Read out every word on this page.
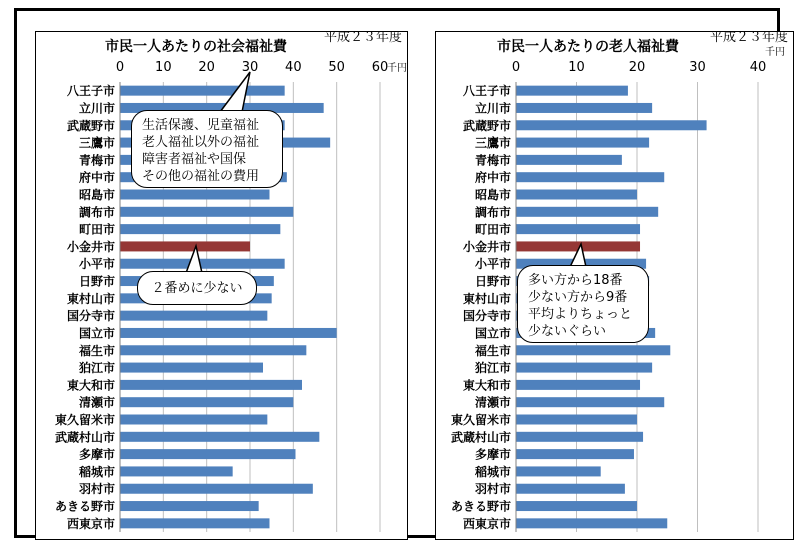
市民一人あたりの社会福祉費
平成２３年度
0 10 20 30 40 50 60
千円
八王子市
立川市
武蔵野市
三鷹市
青梅市
府中市
昭島市
調布市
町田市
小金井市
小平市
日野市
東村山市
国分寺市
国立市
福生市
狛江市
東大和市
清瀬市
東久留米市
武蔵村山市
多摩市
稲城市
羽村市
あきる野市
西東京市
生活保護、児童福祉
老人福祉以外の福祉
障害者福祉や国保
その他の福祉の費用
２番めに少ない
市民一人あたりの老人福祉費
平成２３年度
0	10	20	30	40
千円
八王子市
立川市
武蔵野市
三鷹市
青梅市
府中市
昭島市
調布市
町田市
小金井市
小平市
日野市
東村山市
国分寺市
国立市
福生市
狛江市
東大和市
清瀬市
東久留米市
武蔵村山市
多摩市
稲城市
羽村市
あきる野市
西東京市
多い方から18番
少ない方から9番
平均よりちょっと
少ないぐらい
